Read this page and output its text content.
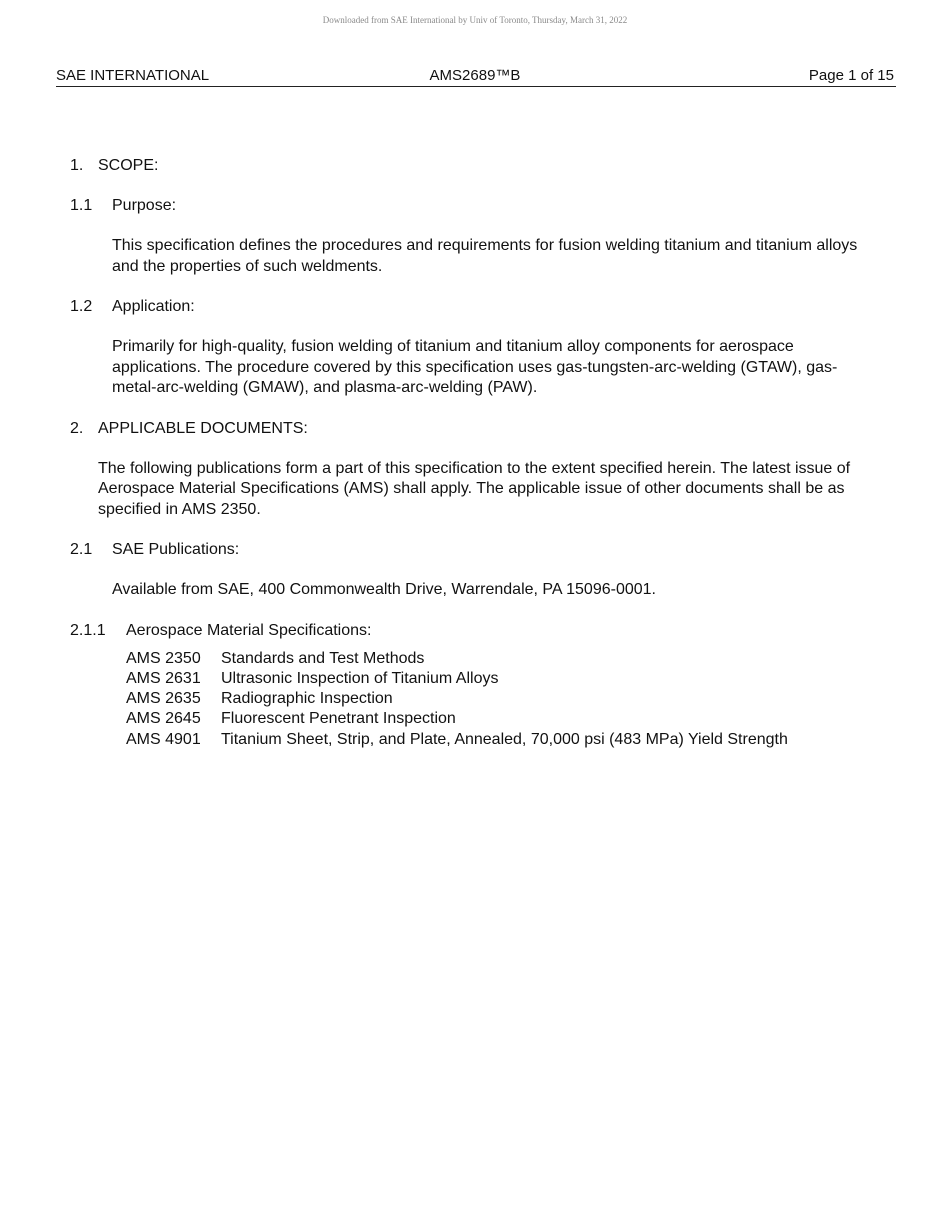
Downloaded from SAE International by Univ of Toronto, Thursday, March 31, 2022
AMS2689™B
SAE INTERNATIONAL	Page 1 of 15
1. SCOPE:
1.1 Purpose:
This specification defines the procedures and requirements for fusion welding titanium and titanium alloys and the properties of such weldments.
1.2 Application:
Primarily for high-quality, fusion welding of titanium and titanium alloy components for aerospace applications. The procedure covered by this specification uses gas-tungsten-arc-welding (GTAW), gas-metal-arc-welding (GMAW), and plasma-arc-welding (PAW).
2. APPLICABLE DOCUMENTS:
The following publications form a part of this specification to the extent specified herein. The latest issue of Aerospace Material Specifications (AMS) shall apply. The applicable issue of other documents shall be as specified in AMS 2350.
2.1 SAE Publications:
Available from SAE, 400 Commonwealth Drive, Warrendale, PA 15096-0001.
2.1.1 Aerospace Material Specifications:
AMS 2350 Standards and Test Methods
AMS 2631 Ultrasonic Inspection of Titanium Alloys
AMS 2635 Radiographic Inspection
AMS 2645 Fluorescent Penetrant Inspection
AMS 4901 Titanium Sheet, Strip, and Plate, Annealed, 70,000 psi (483 MPa) Yield Strength
